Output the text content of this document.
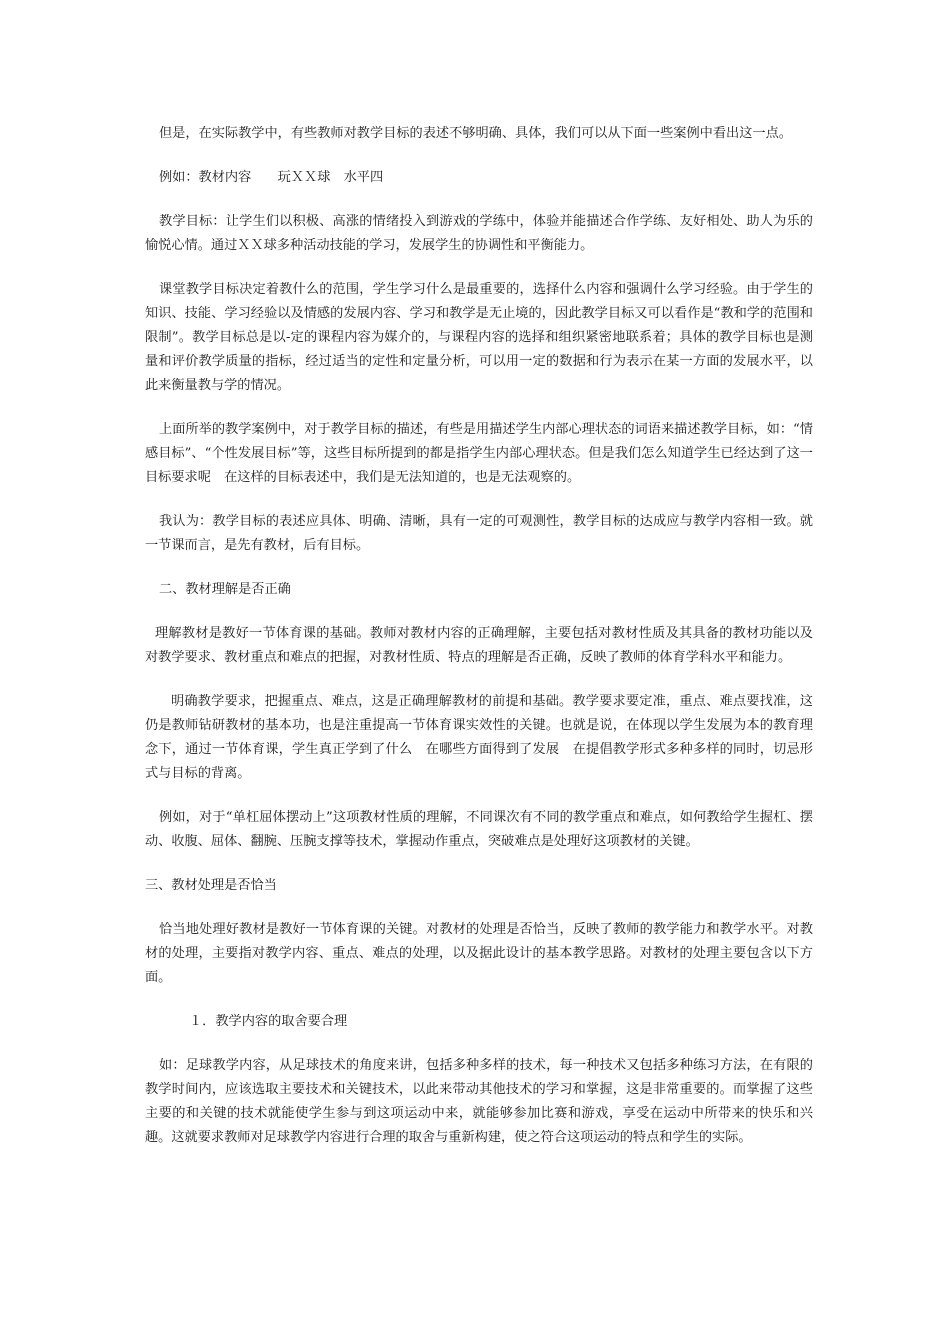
但是，在实际教学中，有些教师对教学目标的表述不够明确、具体，我们可以从下面一些案例中看出这一点。

例如：教材内容　　玩ＸＸ球　水平四

教学目标：让学生们以积极、高涨的情绪投入到游戏的学练中，体验并能描述合作学练、友好相处、助人为乐的愉悦心情。通过ＸＸ球多种活动技能的学习，发展学生的协调性和平衡能力。

课堂教学目标决定着教什么的范围，学生学习什么是最重要的，选择什么内容和强调什么学习经验。由于学生的知识、技能、学习经验以及情感的发展内容、学习和教学是无止境的，因此教学目标又可以看作是“教和学的范围和限制”。教学目标总是以-定的课程内容为媒介的，与课程内容的选择和组织紧密地联系着；具体的教学目标也是测量和评价教学质量的指标，经过适当的定性和定量分析，可以用一定的数据和行为表示在某一方面的发展水平，以此来衡量教与学的情况。

上面所举的教学案例中，对于教学目标的描述，有些是用描述学生内部心理状态的词语来描述教学目标，如：“情感目标”、“个性发展目标”等，这些目标所提到的都是指学生内部心理状态。但是我们怎么知道学生已经达到了这一目标要求呢　在这样的目标表述中，我们是无法知道的，也是无法观察的。

我认为：教学目标的表述应具体、明确、清晰，具有一定的可观测性，教学目标的达成应与教学内容相一致。就一节课而言，是先有教材，后有目标。

二、教材理解是否正确

理解教材是教好一节体育课的基础。教师对教材内容的正确理解，主要包括对教材性质及其具备的教材功能以及对教学要求、教材重点和难点的把握，对教材性质、特点的理解是否正确，反映了教师的体育学科水平和能力。

明确教学要求，把握重点、难点，这是正确理解教材的前提和基础。教学要求要定准，重点、难点要找准，这仍是教师钻研教材的基本功，也是注重提高一节体育课实效性的关键。也就是说，在体现以学生发展为本的教育理念下，通过一节体育课，学生真正学到了什么　在哪些方面得到了发展　在提倡教学形式多种多样的同时，切忌形式与目标的背离。

例如，对于“单杠屈体摆动上”这项教材性质的理解，不同课次有不同的教学重点和难点，如何教给学生握杠、摆动、收腹、屈体、翻腕、压腕支撑等技术，掌握动作重点，突破难点是处理好这项教材的关键。

三、教材处理是否恰当

恰当地处理好教材是教好一节体育课的关键。对教材的处理是否恰当，反映了教师的教学能力和教学水平。对教材的处理，主要指对教学内容、重点、难点的处理，以及据此设计的基本教学思路。对教材的处理主要包含以下方面。

１．教学内容的取舍要合理

如：足球教学内容，从足球技术的角度来讲，包括多种多样的技术，每一种技术又包括多种练习方法，在有限的教学时间内，应该选取主要技术和关键技术，以此来带动其他技术的学习和掌握，这是非常重要的。而掌握了这些主要的和关键的技术就能使学生参与到这项运动中来，就能够参加比赛和游戏，享受在运动中所带来的快乐和兴趣。这就要求教师对足球教学内容进行合理的取舍与重新构建，使之符合这项运动的特点和学生的实际。
